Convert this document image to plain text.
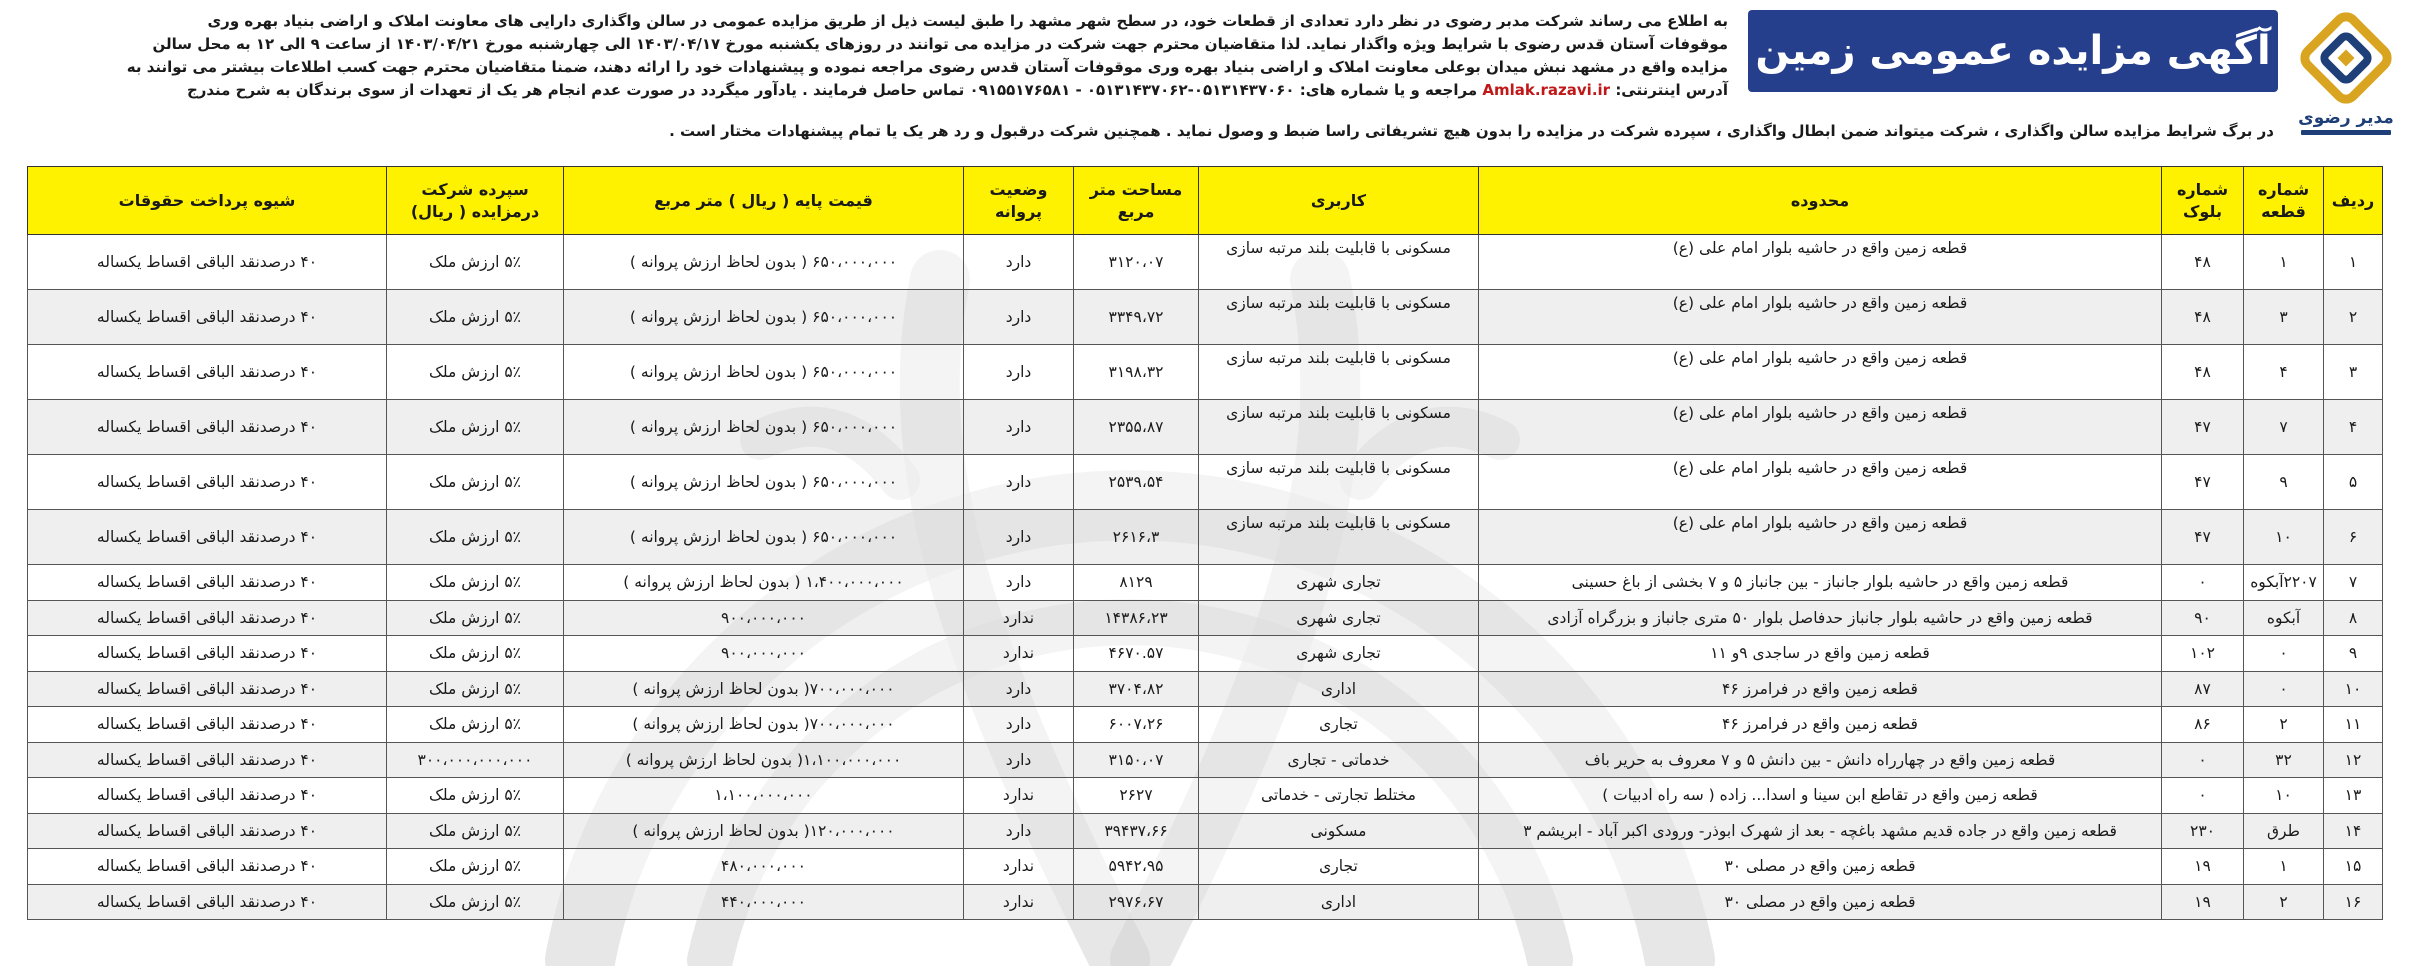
مدیر رضوی
آگهی مزایده عمومی زمین

به اطلاع می رساند شرکت مدبر رضوی در نظر دارد تعدادی از قطعات خود، در سطح شهر مشهد را طبق لیست ذیل از طریق مزایده عمومی در سالن واگذاری دارایی های معاونت املاک و اراضی بنیاد بهره وری

موقوفات آستان قدس رضوی با شرایط ویژه واگذار نماید. لذا متقاضیان محترم جهت شرکت در مزایده می توانند در روزهای یکشنبه مورخ ۱۴۰۳/۰۴/۱۷ الی چهارشنبه مورخ ۱۴۰۳/۰۴/۲۱ از ساعت ۹ الی ۱۲ به محل سالن

مزایده واقع در مشهد نبش میدان بوعلی معاونت املاک و اراضی بنیاد بهره وری موقوفات آستان قدس رضوی مراجعه نموده و پیشنهادات خود را ارائه دهند، ضمنا متقاضیان محترم جهت کسب اطلاعات بیشتر می توانند به

آدرس اینترنتی: Amlak.razavi.ir مراجعه و یا شماره های: ۰۵۱۳۱۴۳۷۰۶۰-۰۵۱۳۱۴۳۷۰۶۲ - ۰۹۱۵۵۱۷۶۵۸۱ تماس حاصل فرمایند . یادآور میگردد در صورت عدم انجام هر یک از تعهدات از سوی برندگان به شرح مندرج

در برگ شرایط مزایده سالن واگذاری ، شرکت میتواند ضمن ابطال واگذاری ، سپرده شرکت در مزایده را بدون هیچ تشریفاتی راسا ضبط و وصول نماید . همچنین شرکت درقبول و رد هر یک یا تمام پیشنهادات مختار است .
ردیف	شماره قطعه	شماره بلوک	محدوده	کاربری	مساحت متر مربع	وضعیت پروانه	قیمت پایه ( ریال ) متر مربع	سپرده شرکت درمزایده ( ریال)	شیوه پرداخت حقوقات
۱	۱	۴۸	قطعه زمین واقع در حاشیه بلوار امام علی (ع)	مسکونی با قابلیت بلند مرتبه سازی	۳۱۲۰،۰۷	دارد	۶۵۰،۰۰۰،۰۰۰ ( بدون لحاظ ارزش پروانه )	۵٪ ارزش ملک	۴۰ درصدنقد الباقی اقساط یکساله
۲	۳	۴۸	قطعه زمین واقع در حاشیه بلوار امام علی (ع)	مسکونی با قابلیت بلند مرتبه سازی	۳۳۴۹،۷۲	دارد	۶۵۰،۰۰۰،۰۰۰ ( بدون لحاظ ارزش پروانه )	۵٪ ارزش ملک	۴۰ درصدنقد الباقی اقساط یکساله
۳	۴	۴۸	قطعه زمین واقع در حاشیه بلوار امام علی (ع)	مسکونی با قابلیت بلند مرتبه سازی	۳۱۹۸،۳۲	دارد	۶۵۰،۰۰۰،۰۰۰ ( بدون لحاظ ارزش پروانه )	۵٪ ارزش ملک	۴۰ درصدنقد الباقی اقساط یکساله
۴	۷	۴۷	قطعه زمین واقع در حاشیه بلوار امام علی (ع)	مسکونی با قابلیت بلند مرتبه سازی	۲۳۵۵،۸۷	دارد	۶۵۰،۰۰۰،۰۰۰ ( بدون لحاظ ارزش پروانه )	۵٪ ارزش ملک	۴۰ درصدنقد الباقی اقساط یکساله
۵	۹	۴۷	قطعه زمین واقع در حاشیه بلوار امام علی (ع)	مسکونی با قابلیت بلند مرتبه سازی	۲۵۳۹،۵۴	دارد	۶۵۰،۰۰۰،۰۰۰ ( بدون لحاظ ارزش پروانه )	۵٪ ارزش ملک	۴۰ درصدنقد الباقی اقساط یکساله
۶	۱۰	۴۷	قطعه زمین واقع در حاشیه بلوار امام علی (ع)	مسکونی با قابلیت بلند مرتبه سازی	۲۶۱۶،۳	دارد	۶۵۰،۰۰۰،۰۰۰ ( بدون لحاظ ارزش پروانه )	۵٪ ارزش ملک	۴۰ درصدنقد الباقی اقساط یکساله
۷	۲۲۰۷آبکوه	۰	قطعه زمین واقع در حاشیه بلوار جانباز - بین جانباز ۵ و ۷ بخشی از باغ حسینی	تجاری شهری	۸۱۲۹	دارد	۱،۴۰۰،۰۰۰،۰۰۰ ( بدون لحاظ ارزش پروانه )	۵٪ ارزش ملک	۴۰ درصدنقد الباقی اقساط یکساله
۸	آبکوه	۹۰	قطعه زمین واقع در حاشیه بلوار جانباز حدفاصل بلوار ۵۰ متری جانباز و بزرگراه آزادی	تجاری شهری	۱۴۳۸۶،۲۳	ندارد	۹۰۰،۰۰۰،۰۰۰	۵٪ ارزش ملک	۴۰ درصدنقد الباقی اقساط یکساله
۹	۰	۱۰۲	قطعه زمین واقع در ساجدی ۹و ۱۱	تجاری شهری	۴۶۷۰.۵۷	ندارد	۹۰۰،۰۰۰،۰۰۰	۵٪ ارزش ملک	۴۰ درصدنقد الباقی اقساط یکساله
۱۰	۰	۸۷	قطعه زمین واقع در فرامرز ۴۶	اداری	۳۷۰۴،۸۲	دارد	۷۰۰،۰۰۰،۰۰۰( بدون لحاظ ارزش پروانه )	۵٪ ارزش ملک	۴۰ درصدنقد الباقی اقساط یکساله
۱۱	۲	۸۶	قطعه زمین واقع در فرامرز ۴۶	تجاری	۶۰۰۷،۲۶	دارد	۷۰۰،۰۰۰،۰۰۰( بدون لحاظ ارزش پروانه )	۵٪ ارزش ملک	۴۰ درصدنقد الباقی اقساط یکساله
۱۲	۳۲	۰	قطعه زمین واقع در چهارراه دانش - بین دانش ۵ و ۷ معروف به حریر باف	خدماتی - تجاری	۳۱۵۰،۰۷	دارد	۱،۱۰۰،۰۰۰،۰۰۰( بدون لحاظ ارزش پروانه )	۳۰۰،۰۰۰،۰۰۰،۰۰۰	۴۰ درصدنقد الباقی اقساط یکساله
۱۳	۱۰	۰	قطعه زمین واقع در تقاطع ابن سینا و اسدا... زاده ( سه راه ادبیات )	مختلط تجارتی - خدماتی	۲۶۲۷	ندارد	۱،۱۰۰،۰۰۰،۰۰۰	۵٪ ارزش ملک	۴۰ درصدنقد الباقی اقساط یکساله
۱۴	طرق	۲۳۰	قطعه زمین واقع در جاده قدیم مشهد باغچه - بعد از شهرک ابوذر- ورودی اکبر آباد - ابریشم ۳	مسکونی	۳۹۴۳۷،۶۶	دارد	۱۲۰،۰۰۰،۰۰۰( بدون لحاظ ارزش پروانه )	۵٪ ارزش ملک	۴۰ درصدنقد الباقی اقساط یکساله
۱۵	۱	۱۹	قطعه زمین واقع در مصلی ۳۰	تجاری	۵۹۴۲،۹۵	ندارد	۴۸۰،۰۰۰،۰۰۰	۵٪ ارزش ملک	۴۰ درصدنقد الباقی اقساط یکساله
۱۶	۲	۱۹	قطعه زمین واقع در مصلی ۳۰	اداری	۲۹۷۶،۶۷	ندارد	۴۴۰،۰۰۰،۰۰۰	۵٪ ارزش ملک	۴۰ درصدنقد الباقی اقساط یکساله
